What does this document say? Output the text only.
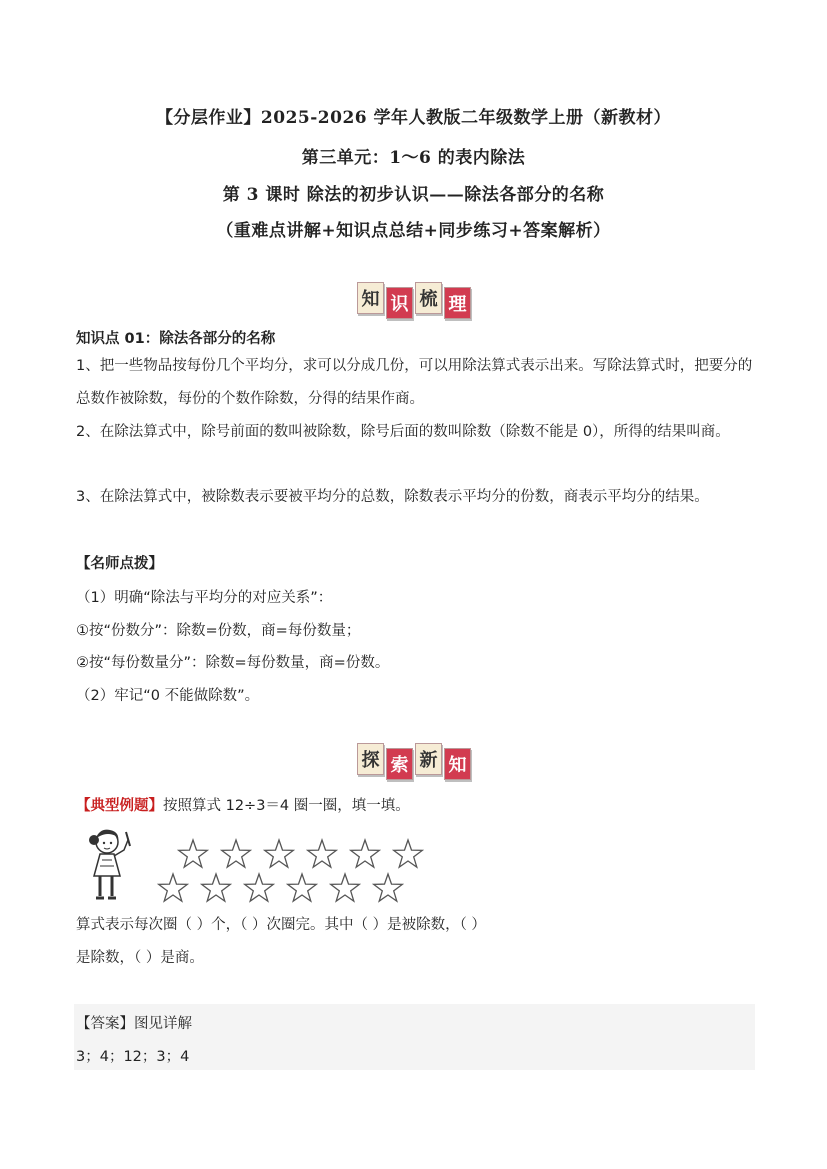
【分层作业】2025-2026 学年人教版二年级数学上册（新教材）
第三单元：1～6 的表内除法
第 3 课时 除法的初步认识——除法各部分的名称
（重难点讲解+知识点总结+同步练习+答案解析）
知 识 梳 理
知识点 01：除法各部分的名称
1、把一些物品按每份几个平均分，求可以分成几份，可以用除法算式表示出来。写除法算式时，把要分的总数作被除数，每份的个数作除数，分得的结果作商。
2、在除法算式中，除号前面的数叫被除数，除号后面的数叫除数（除数不能是 0），所得的结果叫商。
3、在除法算式中，被除数表示要被平均分的总数，除数表示平均分的份数，商表示平均分的结果。
【名师点拨】
（1）明确“除法与平均分的对应关系”：
①按“份数分”：除数=份数，商=每份数量；
②按“每份数量分”：除数=每份数量，商=份数。
（2）牢记“0 不能做除数”。
探 索 新 知
【典型例题】按照算式 12÷3＝4 圈一圈，填一填。
算式表示每次圈（ ）个，（ ）次圈完。其中（ ）是被除数，（ ）
是除数，（ ）是商。
【答案】图见详解
3；4；12；3；4
